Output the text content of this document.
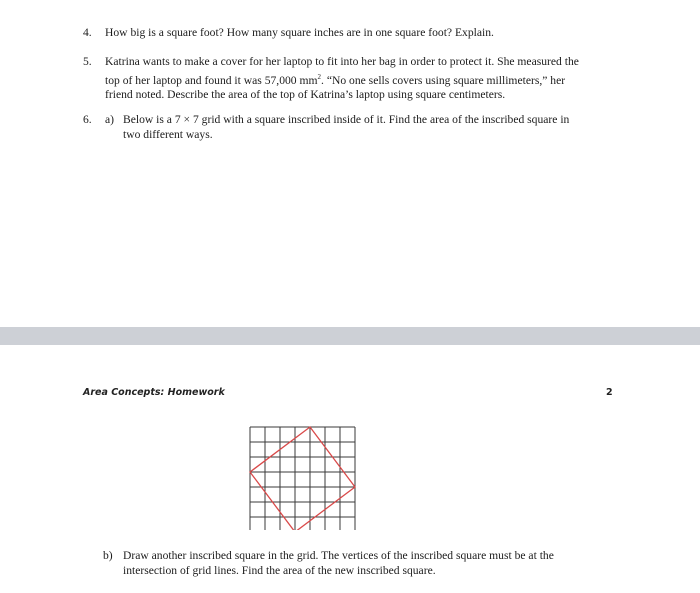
4. How big is a square foot? How many square inches are in one square foot? Explain.
5. Katrina wants to make a cover for her laptop to fit into her bag in order to protect it. She measured the
top of her laptop and found it was 57,000 $mm^2$. “No one sells covers using square millimeters,” her
friend noted. Describe the area of the top of Katrina’s laptop using square centimeters.
6. a) Below is a 7 × 7 grid with a square inscribed inside of it. Find the area of the inscribed square in
two different ways.
Area Concepts: Homework	2
b) Draw another inscribed square in the grid. The vertices of the inscribed square must be at the
intersection of grid lines. Find the area of the new inscribed square.
